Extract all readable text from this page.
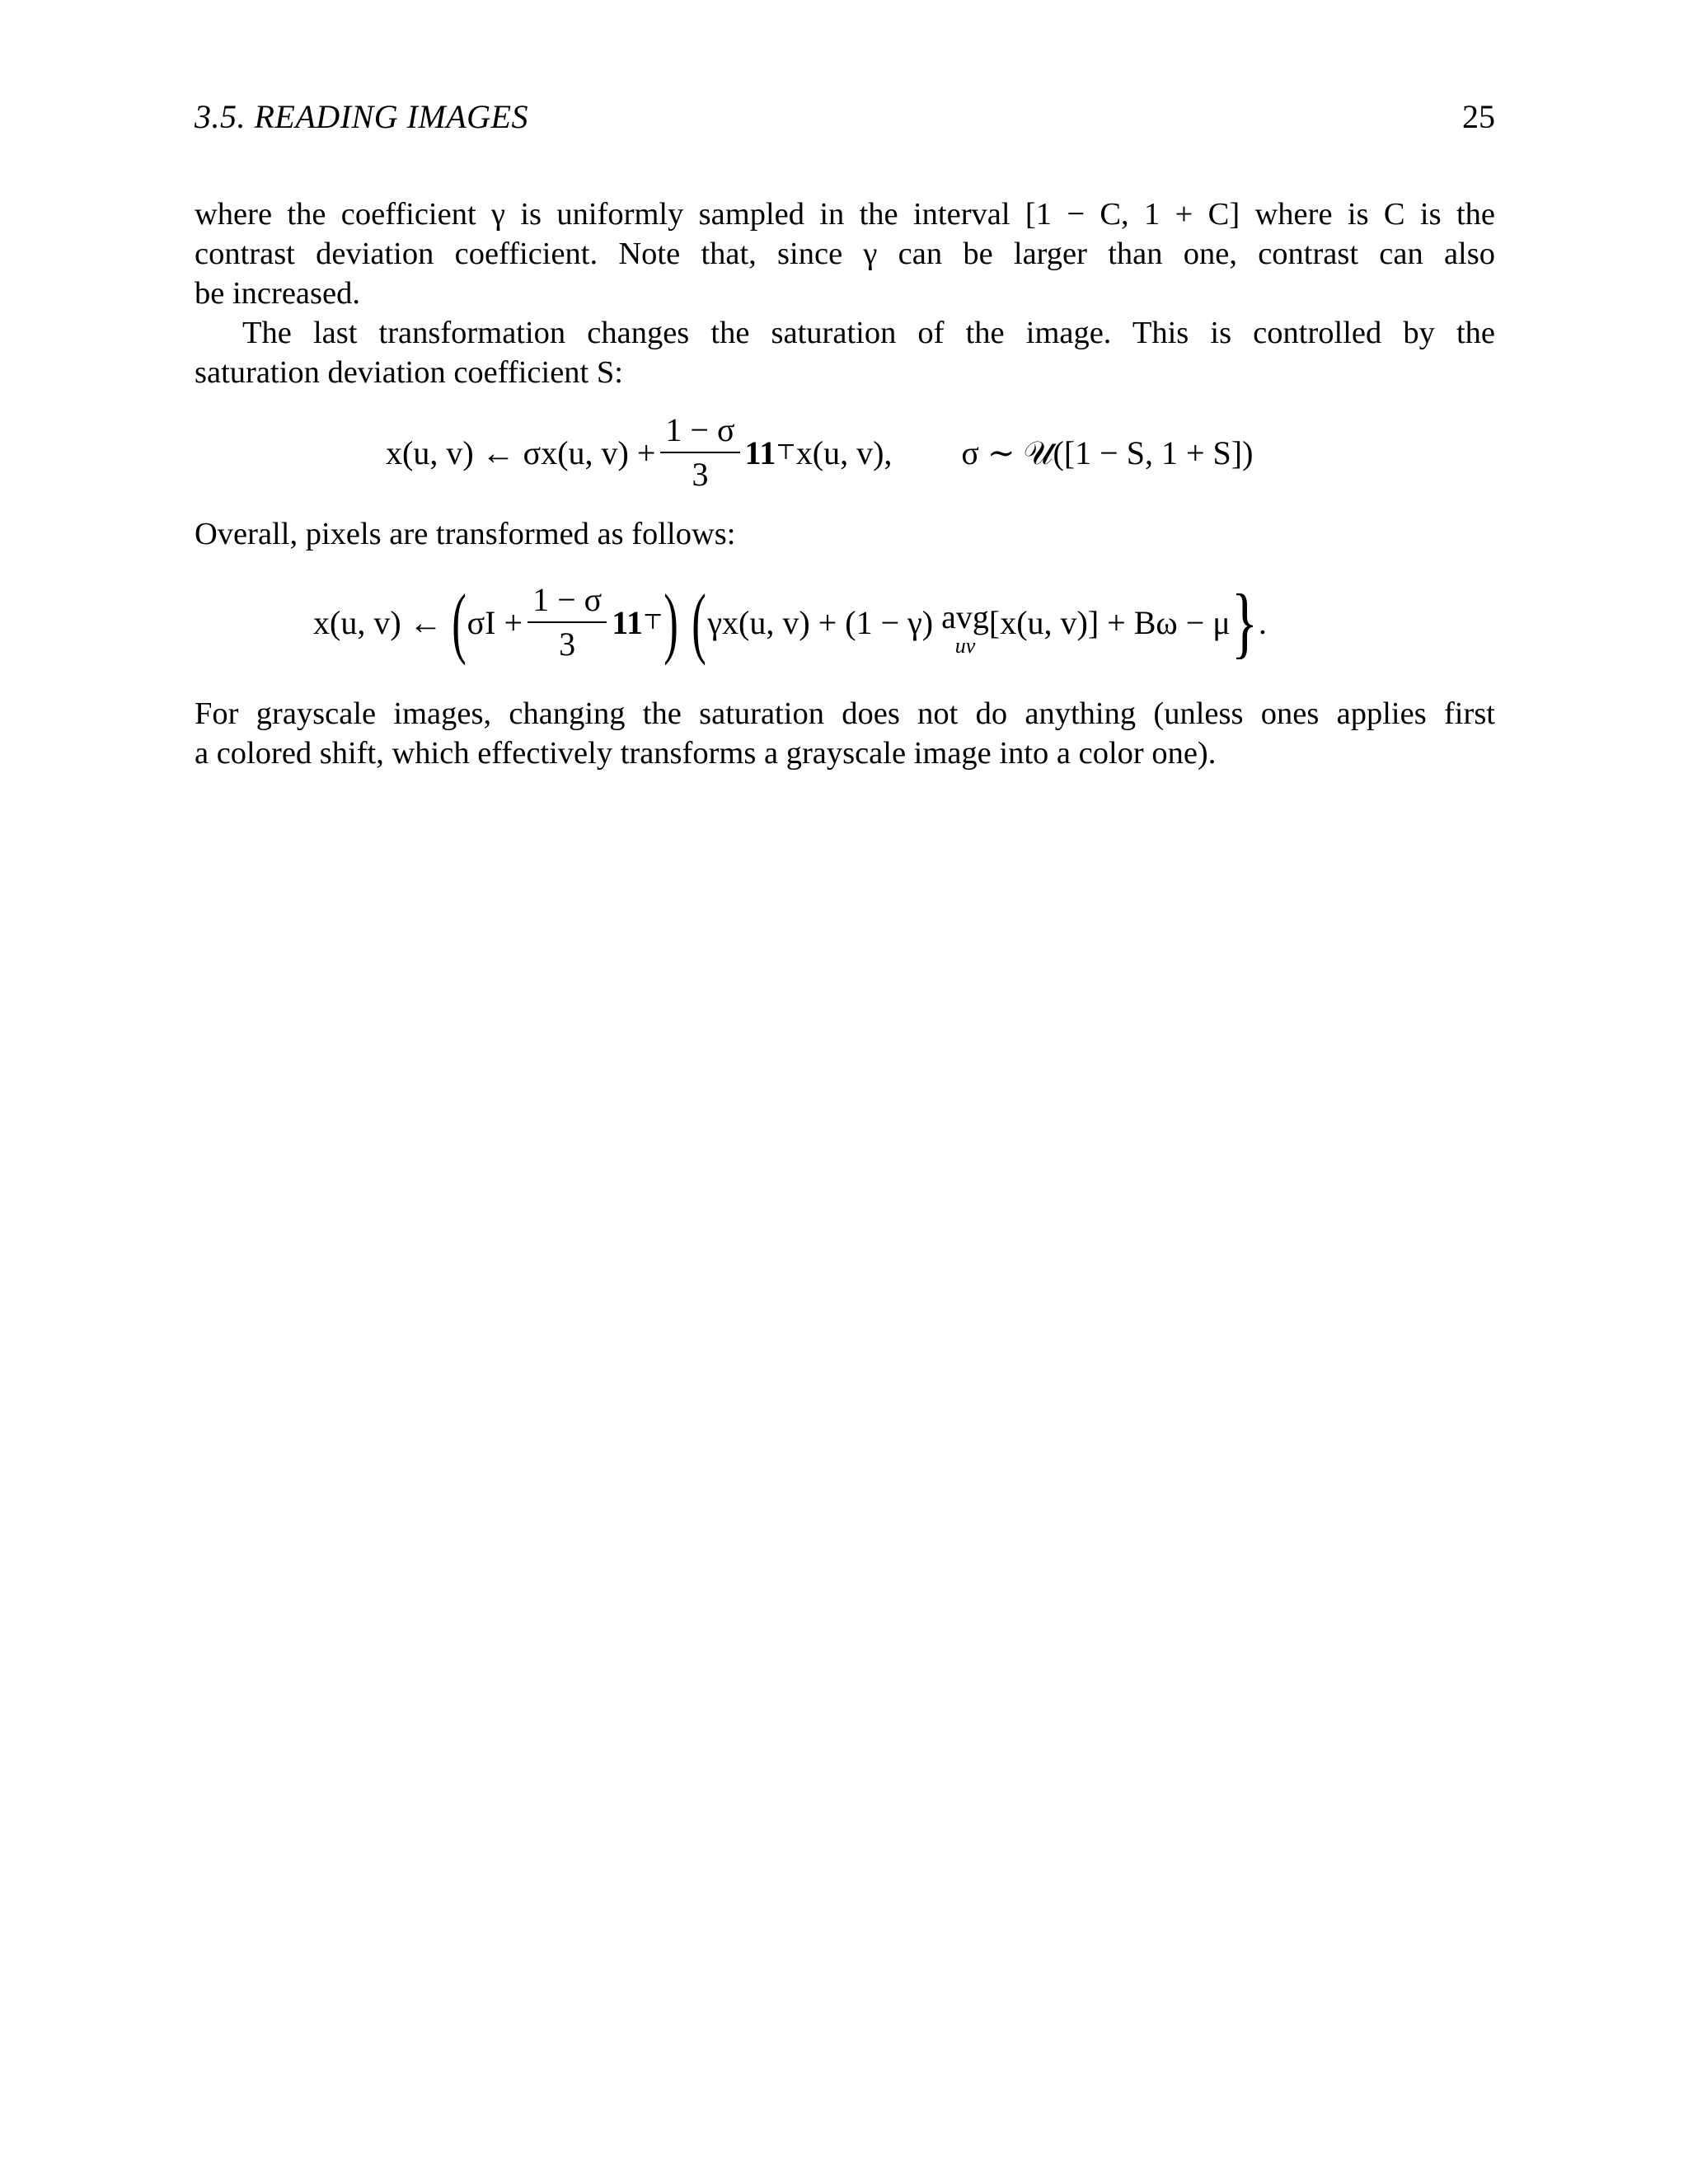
3.5. READING IMAGES	25
where the coefficient γ is uniformly sampled in the interval [1 − C, 1 + C] where is C is the
contrast deviation coefficient. Note that, since γ can be larger than one, contrast can also
be increased.
The last transformation changes the saturation of the image. This is controlled by the
saturation deviation coefficient S:
x(u, v) ← σx(u, $v) + \frac{1 - \sigma}{3} 11$ ⊤ x(u, v), σ ∼ 𝒰([1 − S, 1 + S])
Overall, pixels are transformed as follows:
x(u, v) ← ( $\sigma I + \frac{1 - \sigma}{3} 11$ ⊤ ) ( γx(u, v) + (1 − γ) avg
uv
[x(u, v)] + Bω − μ } .
For grayscale images, changing the saturation does not do anything (unless ones applies first
a colored shift, which effectively transforms a grayscale image into a color one).
